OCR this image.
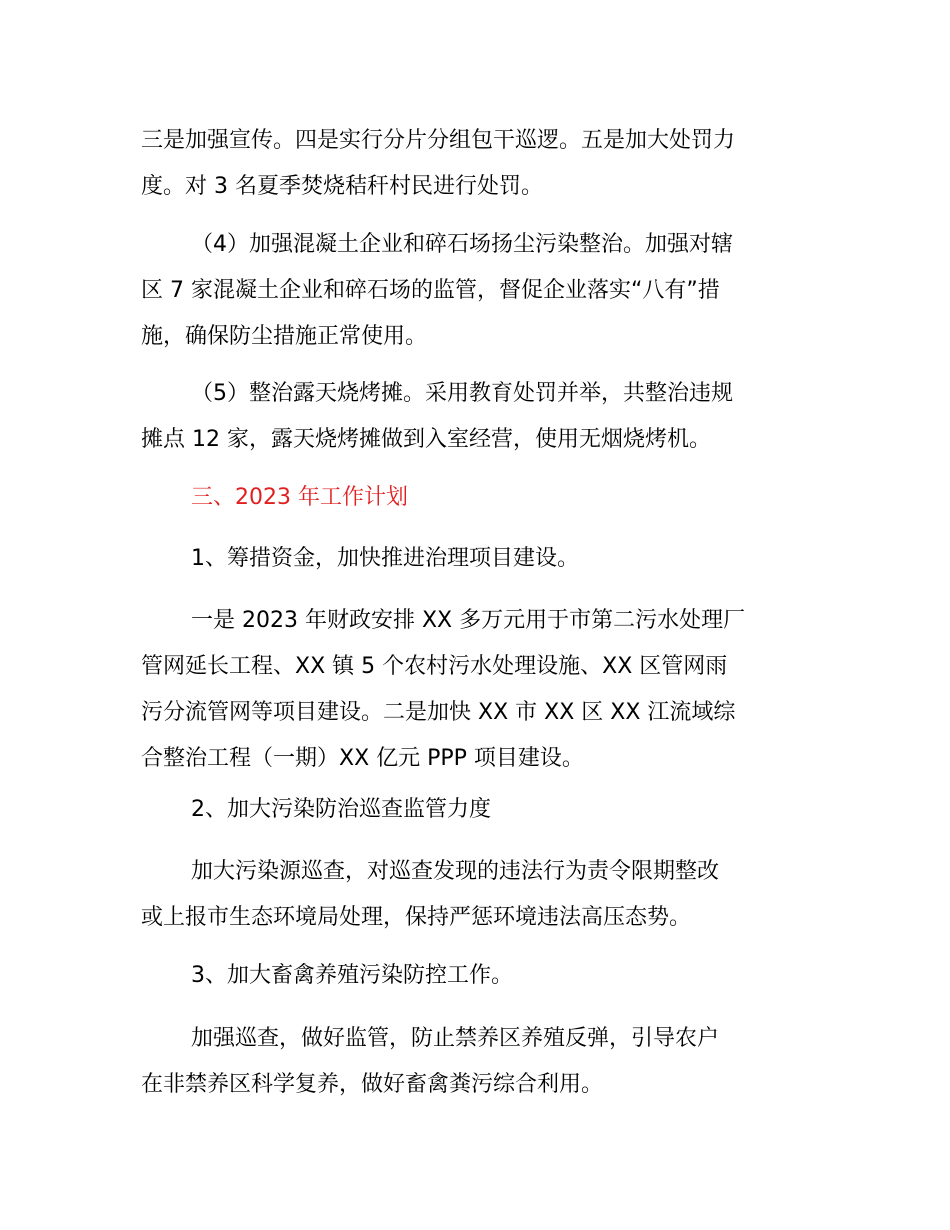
三是加强宣传。四是实行分片分组包干巡逻。五是加大处罚力
度。对 3 名夏季焚烧秸秆村民进行处罚。
（4）加强混凝土企业和碎石场扬尘污染整治。加强对辖
区 7 家混凝土企业和碎石场的监管，督促企业落实“八有”措
施，确保防尘措施正常使用。
（5）整治露天烧烤摊。采用教育处罚并举，共整治违规
摊点 12 家，露天烧烤摊做到入室经营，使用无烟烧烤机。
三、2023 年工作计划
1、筹措资金，加快推进治理项目建设。
一是 2023 年财政安排 XX 多万元用于市第二污水处理厂
管网延长工程、XX 镇 5 个农村污水处理设施、XX 区管网雨
污分流管网等项目建设。二是加快 XX 市 XX 区 XX 江流域综
合整治工程（一期）XX 亿元 PPP 项目建设。
2、加大污染防治巡查监管力度
加大污染源巡查，对巡查发现的违法行为责令限期整改
或上报市生态环境局处理，保持严惩环境违法高压态势。
3、加大畜禽养殖污染防控工作。
加强巡查，做好监管，防止禁养区养殖反弹，引导农户
在非禁养区科学复养，做好畜禽粪污综合利用。
